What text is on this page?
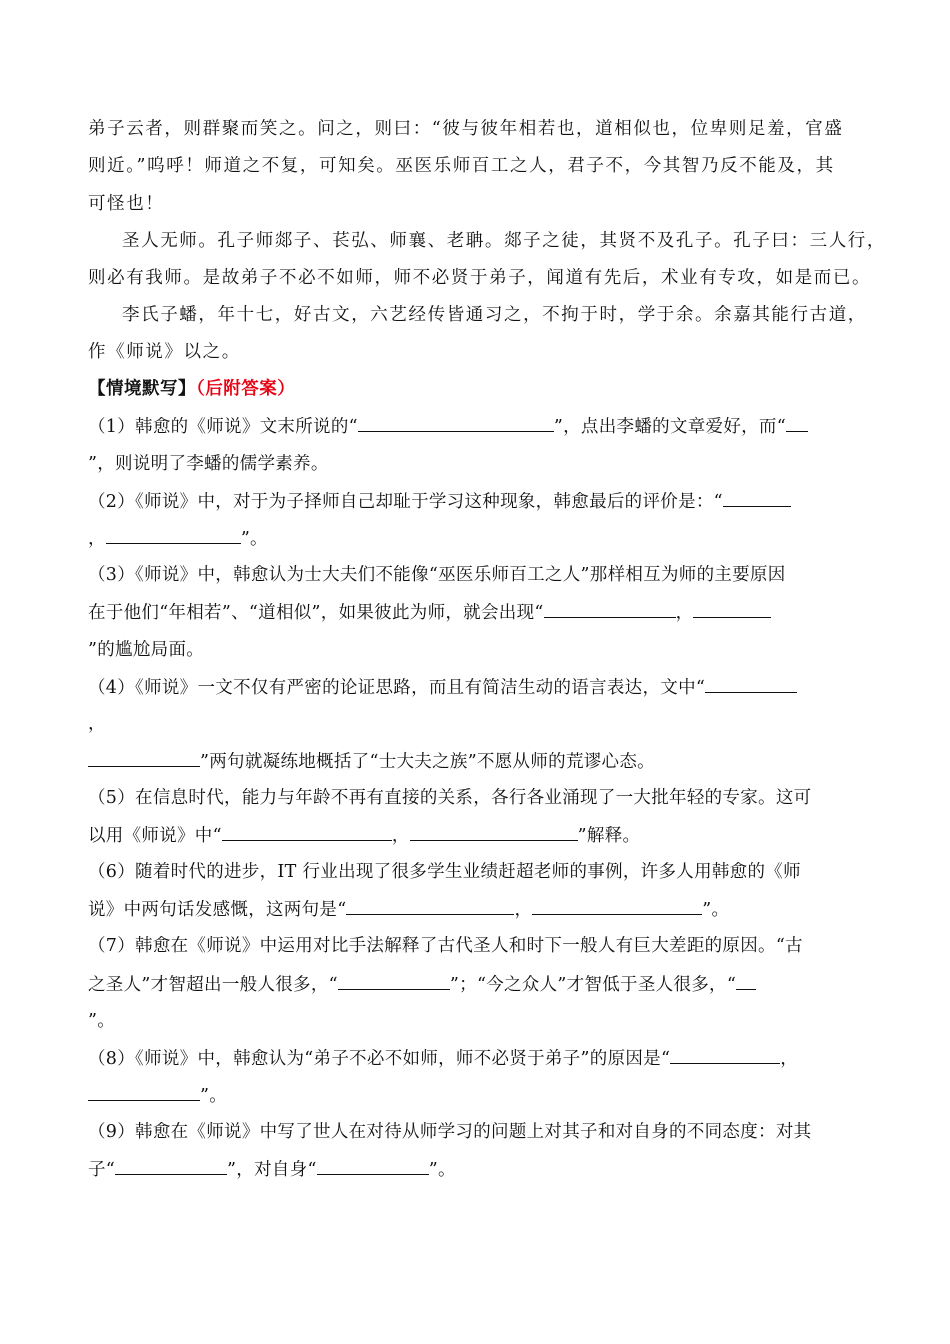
弟子云者，则群聚而笑之。问之，则曰：“彼与彼年相若也，道相似也，位卑则足羞，官盛
则近。”呜呼！师道之不复，可知矣。巫医乐师百工之人，君子不，今其智乃反不能及，其
可怪也！
圣人无师。孔子师郯子、苌弘、师襄、老聃。郯子之徒，其贤不及孔子。孔子曰：三人行，
则必有我师。是故弟子不必不如师，师不必贤于弟子，闻道有先后，术业有专攻，如是而已。
李氏子蟠，年十七，好古文，六艺经传皆通习之，不拘于时，学于余。余嘉其能行古道，
作《师说》以之。
【情境默写】（后附答案）
（1）韩愈的《师说》文末所说的“	”，点出李蟠的文章爱好，而“
”，则说明了李蟠的儒学素养。
（2）《师说》中，对于为子择师自己却耻于学习这种现象，韩愈最后的评价是：“
，	”。
（3）《师说》中，韩愈认为士大夫们不能像“巫医乐师百工之人”那样相互为师的主要原因
在于他们“年相若”、“道相似”，如果彼此为师，就会出现“	，
”的尴尬局面。
（4）《师说》一文不仅有严密的论证思路，而且有简洁生动的语言表达，文中“
，
”两句就凝练地概括了“士大夫之族”不愿从师的荒谬心态。
（5）在信息时代，能力与年龄不再有直接的关系，各行各业涌现了一大批年轻的专家。这可
以用《师说》中“	，	”解释。
（6）随着时代的进步，IT 行业出现了很多学生业绩赶超老师的事例，许多人用韩愈的《师
说》中两句话发感慨，这两句是“	，	”。
（7）韩愈在《师说》中运用对比手法解释了古代圣人和时下一般人有巨大差距的原因。“古
之圣人”才智超出一般人很多，“	”；“今之众人”才智低于圣人很多，“
”。
（8）《师说》中，韩愈认为“弟子不必不如师，师不必贤于弟子”的原因是“	，
”。
（9）韩愈在《师说》中写了世人在对待从师学习的问题上对其子和对自身的不同态度：对其
子“	”，对自身“	”。
